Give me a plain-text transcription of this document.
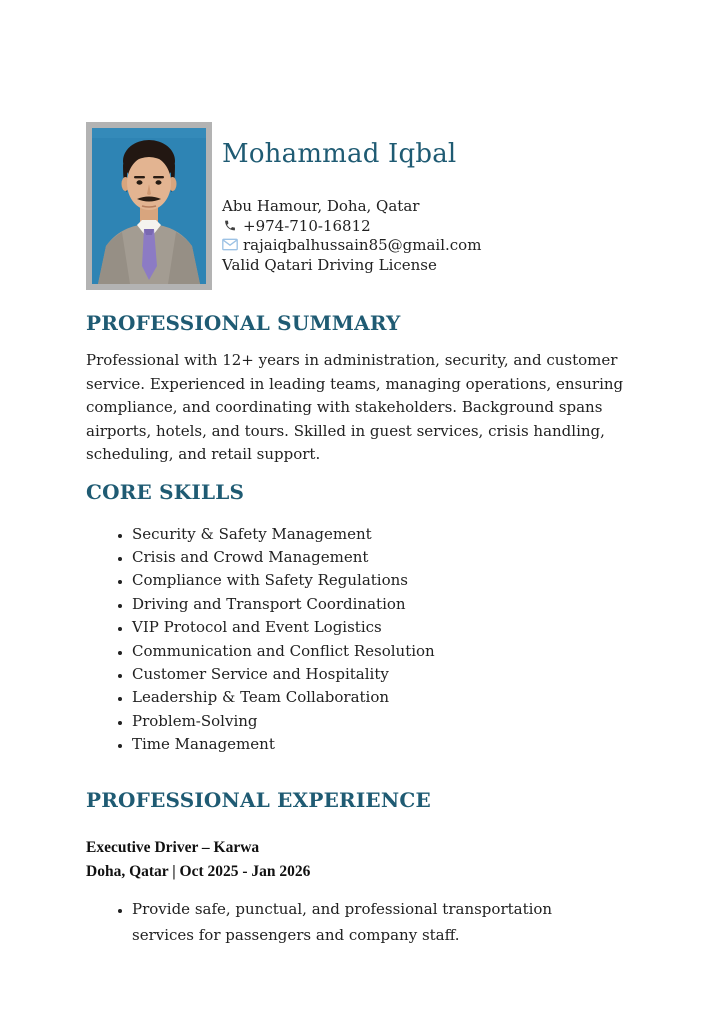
Mohammad Iqbal
Abu Hamour, Doha, Qatar
+974-710-16812
rajaiqbalhussain85@gmail.com
Valid Qatari Driving License
PROFESSIONAL SUMMARY

Professional with 12+ years in administration, security, and customer service. Experienced in leading teams, managing operations, ensuring compliance, and coordinating with stakeholders. Background spans airports, hotels, and tours. Skilled in guest services, crisis handling, scheduling, and retail support.

CORE SKILLS
• Security & Safety Management
• Crisis and Crowd Management
• Compliance with Safety Regulations
• Driving and Transport Coordination
• VIP Protocol and Event Logistics
• Communication and Conflict Resolution
• Customer Service and Hospitality
• Leadership & Team Collaboration
• Problem-Solving
• Time Management
PROFESSIONAL EXPERIENCE
Executive Driver – Karwa
Doha, Qatar | Oct 2025 - Jan 2026
• Provide safe, punctual, and professional transportation services for passengers and company staff.
